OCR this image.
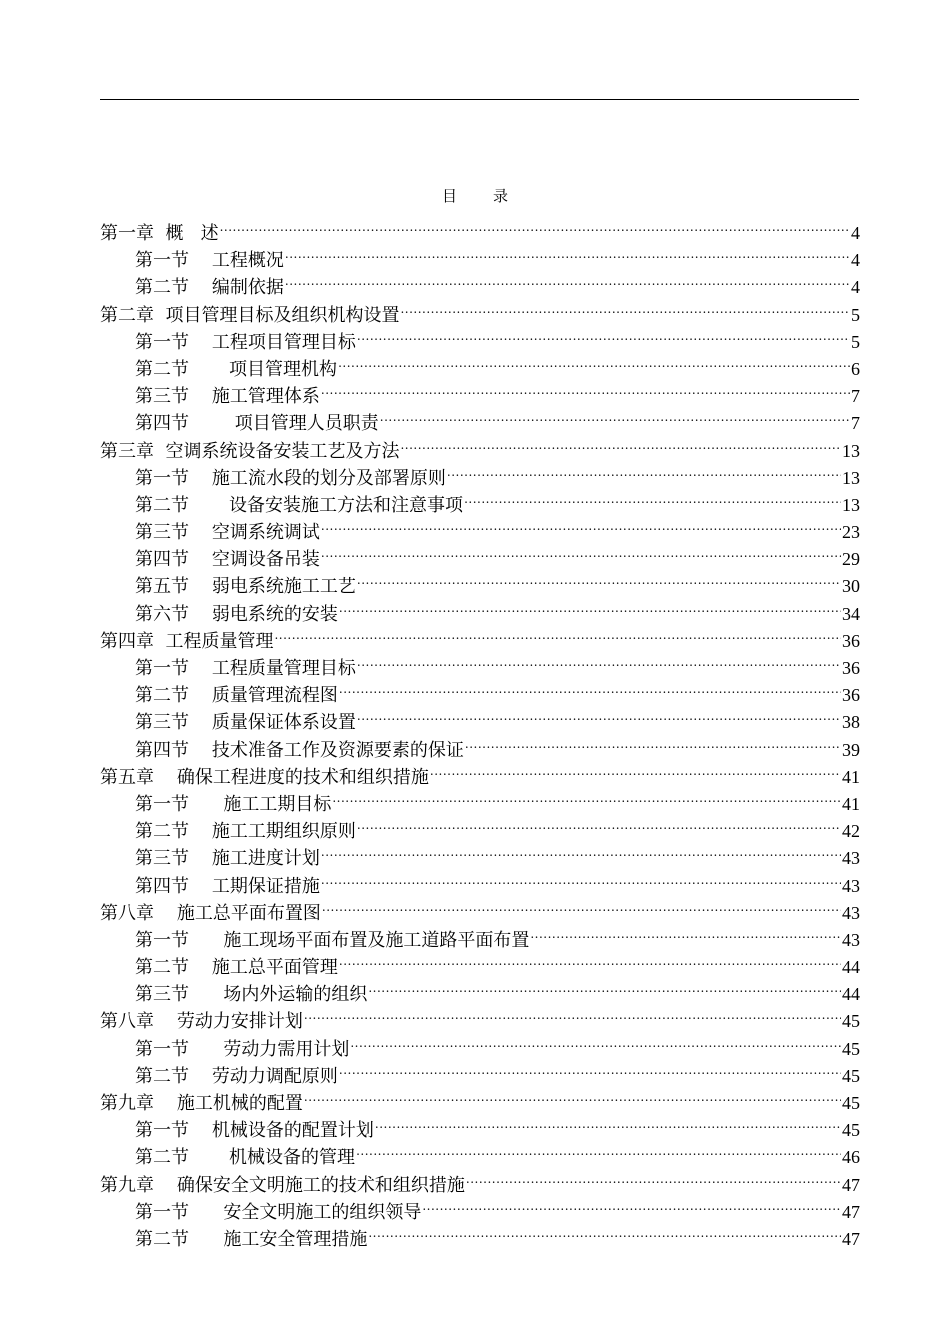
目 录
第一章  概   述 .....	4
第一节    工程概况 .....	4
第二节    编制依据 .....	4
第二章  项目管理目标及组织机构设置 .....	5
第一节    工程项目管理目标 .....	5
第二节       项目管理机构 .....	6
第三节    施工管理体系 .....	7
第四节        项目管理人员职责 .....	7
第三章  空调系统设备安装工艺及方法 .....	13
第一节    施工流水段的划分及部署原则 .....	13
第二节       设备安装施工方法和注意事项 .....	13
第三节    空调系统调试 .....	23
第四节    空调设备吊装 .....	29
第五节    弱电系统施工工艺 .....	30
第六节    弱电系统的安装 .....	34
第四章  工程质量管理 .....	36
第一节    工程质量管理目标 .....	36
第二节    质量管理流程图 .....	36
第三节    质量保证体系设置 .....	38
第四节    技术准备工作及资源要素的保证 .....	39
第五章    确保工程进度的技术和组织措施 .....	41
第一节      施工工期目标 .....	41
第二节    施工工期组织原则 .....	42
第三节    施工进度计划 .....	43
第四节    工期保证措施 .....	43
第八章    施工总平面布置图 .....	43
第一节      施工现场平面布置及施工道路平面布置 .....	43
第二节    施工总平面管理 .....	44
第三节      场内外运输的组织 .....	44
第八章    劳动力安排计划 .....	45
第一节      劳动力需用计划 .....	45
第二节    劳动力调配原则 .....	45
第九章    施工机械的配置 .....	45
第一节    机械设备的配置计划 .....	45
第二节       机械设备的管理 .....	46
第九章    确保安全文明施工的技术和组织措施 .....	47
第一节      安全文明施工的组织领导 .....	47
第二节      施工安全管理措施 .....	47
